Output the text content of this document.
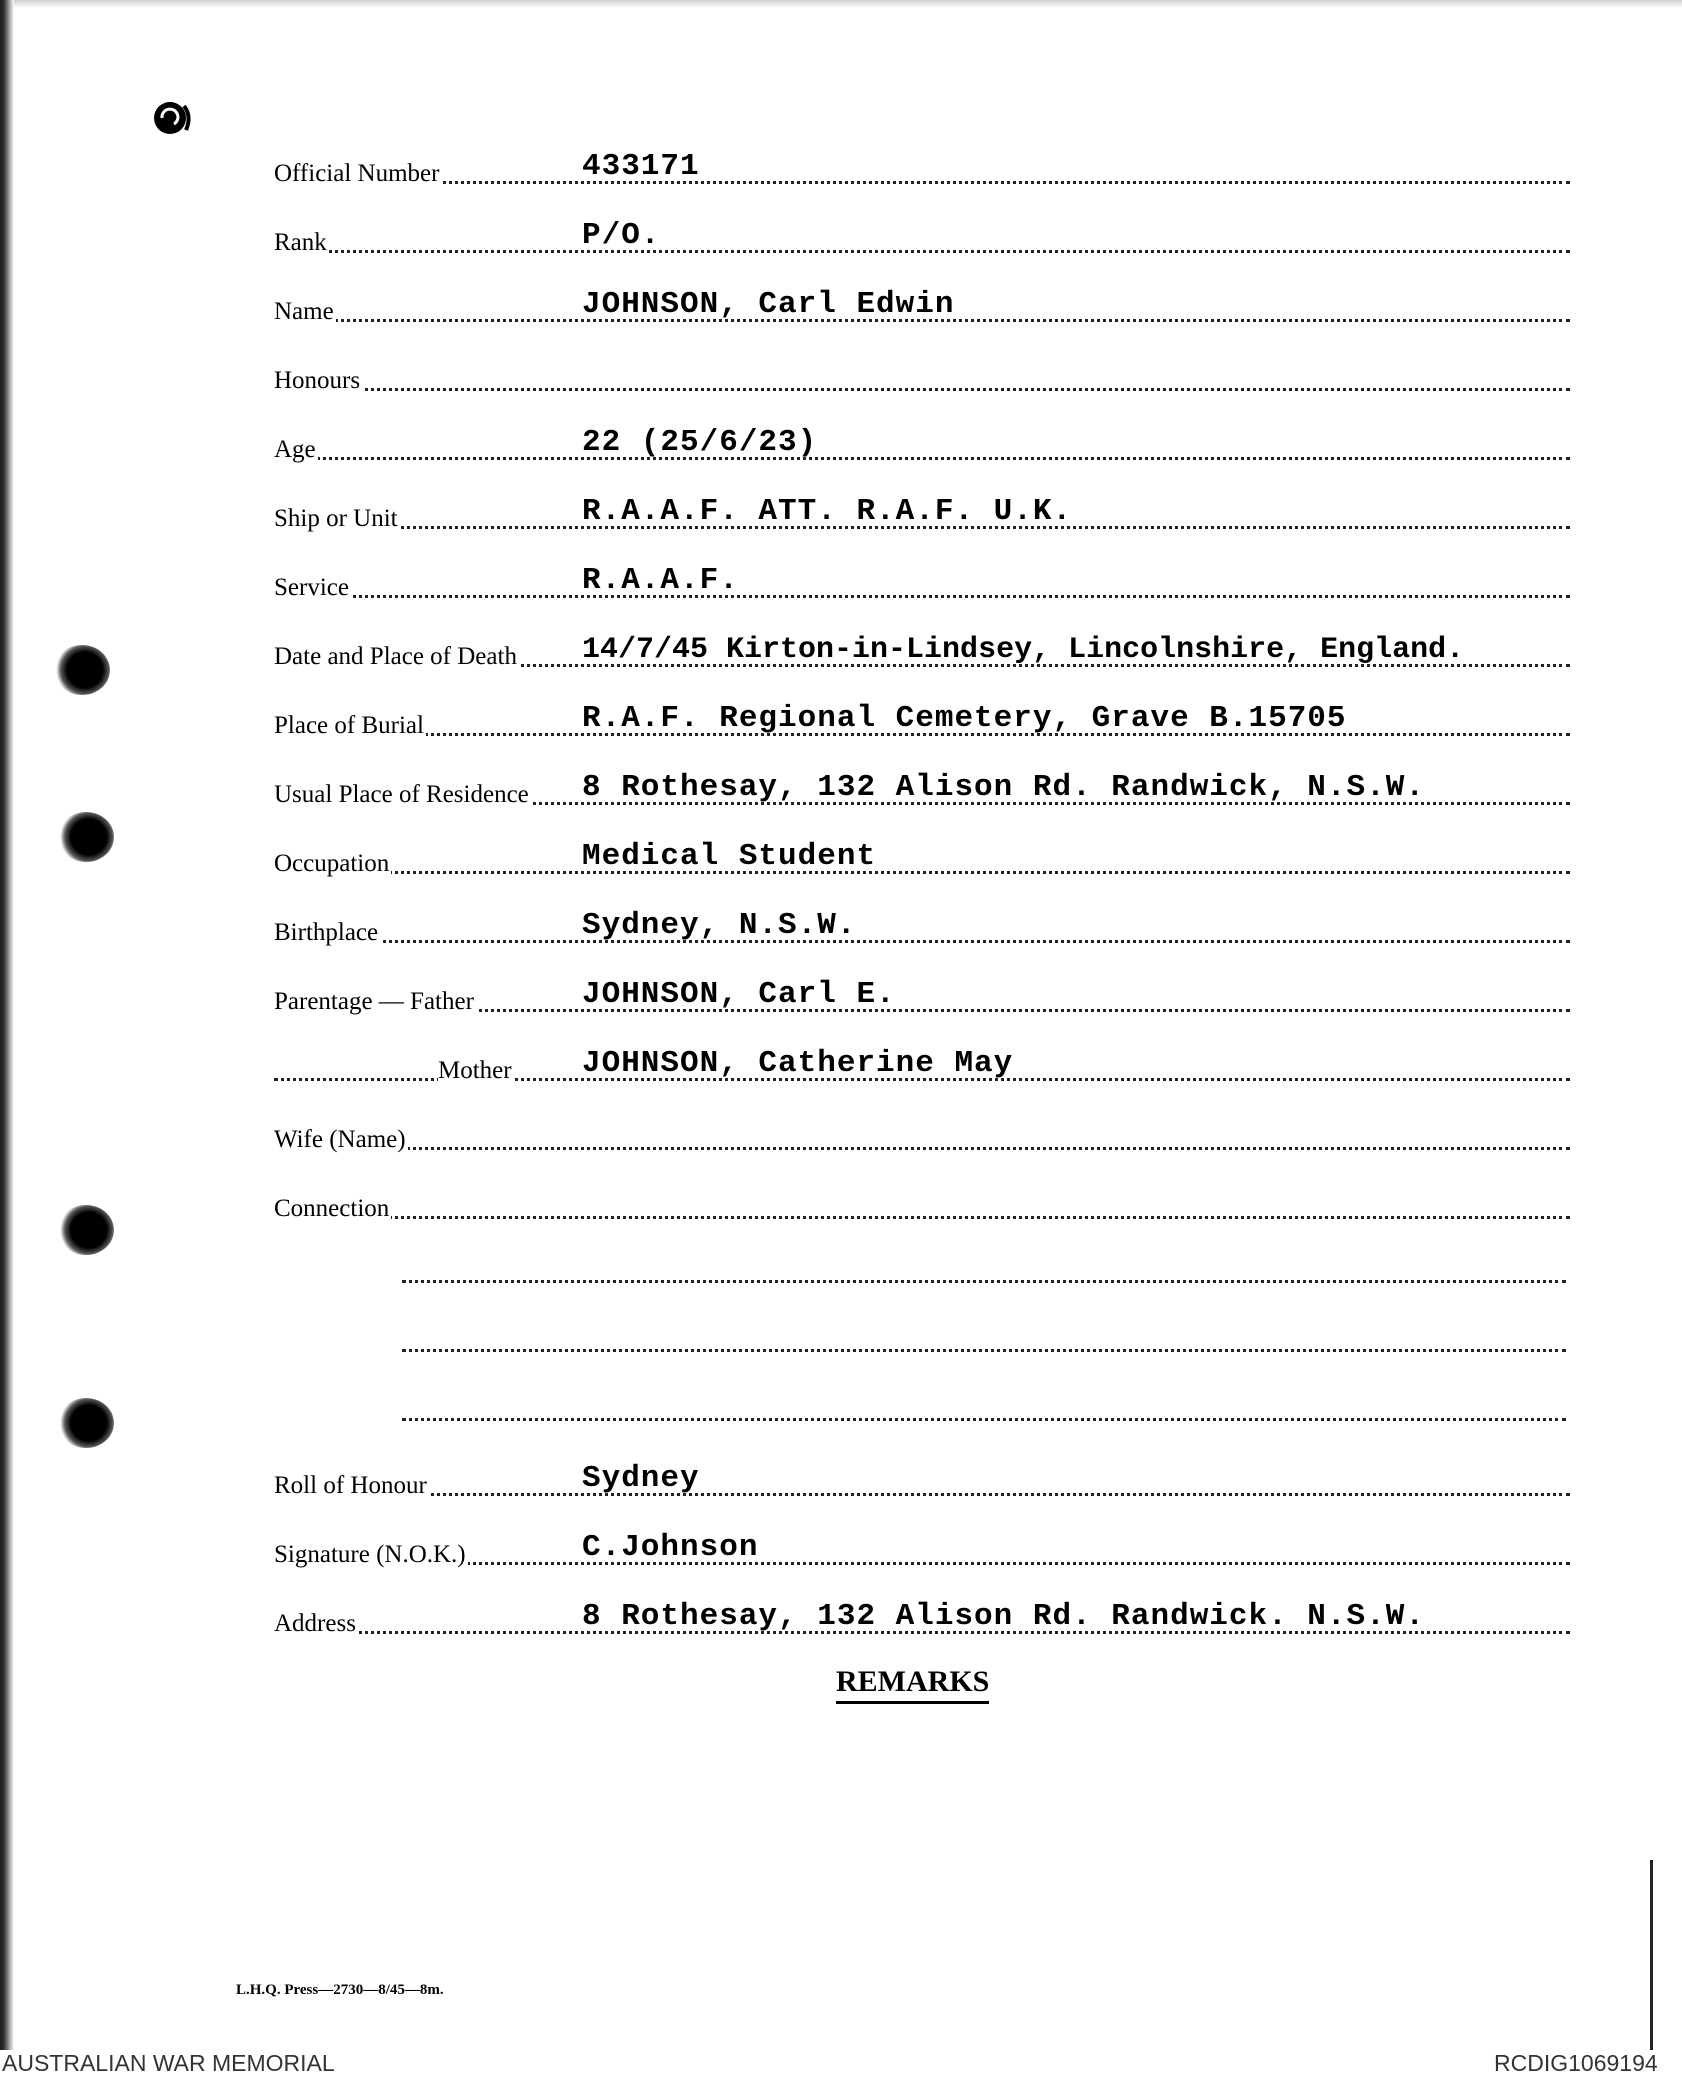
Official Number	433171
Rank	P/O.
Name	JOHNSON, Carl Edwin
Honours
Age	22 (25/6/23)
Ship or Unit	R.A.A.F. ATT. R.A.F. U.K.
Service	R.A.A.F.
Date and Place of Death 14/7/45 Kirton-in-Lindsey, Lincolnshire, England.
Place of Burial	R.A.F. Regional Cemetery, Grave B.15705
Usual Place of Residence 8 Rothesay, 132 Alison Rd. Randwick, N.S.W.
Occupation	Medical Student
Birthplace	Sydney, N.S.W.
Parentage — Father	JOHNSON, Carl E.
Mother JOHNSON, Catherine May
Wife (Name)
Connection
Roll of Honour	Sydney
Signature (N.O.K.)	C.Johnson
Address	8 Rothesay, 132 Alison Rd. Randwick. N.S.W.
REMARKS
L.H.Q. Press—2730—8/45—8m.
AUSTRALIAN WAR MEMORIAL	RCDIG1069194
